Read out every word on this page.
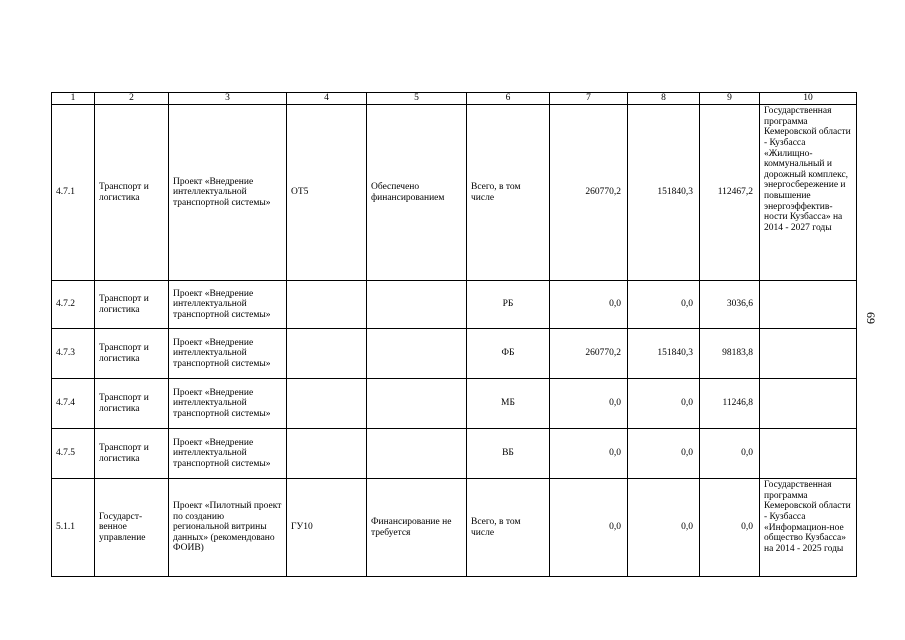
1	2	3	4	5	6	7	8	9	10
4.7.1	Транспорт и логистика	Проект «Внедрение интеллектуальной транспортной системы»	ОТ5	Обеспечено финансированием	Всего, в том числе	260770,2	151840,3	112467,2	Государственная программа Кемеровской области - Кузбасса «Жилищно-коммунальный и дорожный комплекс, энергосбережение и повышение энергоэффектив-ности Кузбасса» на 2014 - 2027 годы
4.7.2	Транспорт и логистика	Проект «Внедрение интеллектуальной транспортной системы»			РБ	0,0	0,0	3036,6	
4.7.3	Транспорт и логистика	Проект «Внедрение интеллектуальной транспортной системы»			ФБ	260770,2	151840,3	98183,8	
4.7.4	Транспорт и логистика	Проект «Внедрение интеллектуальной транспортной системы»			МБ	0,0	0,0	11246,8	
4.7.5	Транспорт и логистика	Проект «Внедрение интеллектуальной транспортной системы»			ВБ	0,0	0,0	0,0	
5.1.1	Государст-венное управление	Проект «Пилотный проект по созданию региональной витрины данных» (рекомендовано ФОИВ)	ГУ10	Финансирование не требуется	Всего, в том числе	0,0	0,0	0,0	Государственная программа Кемеровской области - Кузбасса «Информацион-ное общество Кузбасса» на 2014 - 2025 годы
69
